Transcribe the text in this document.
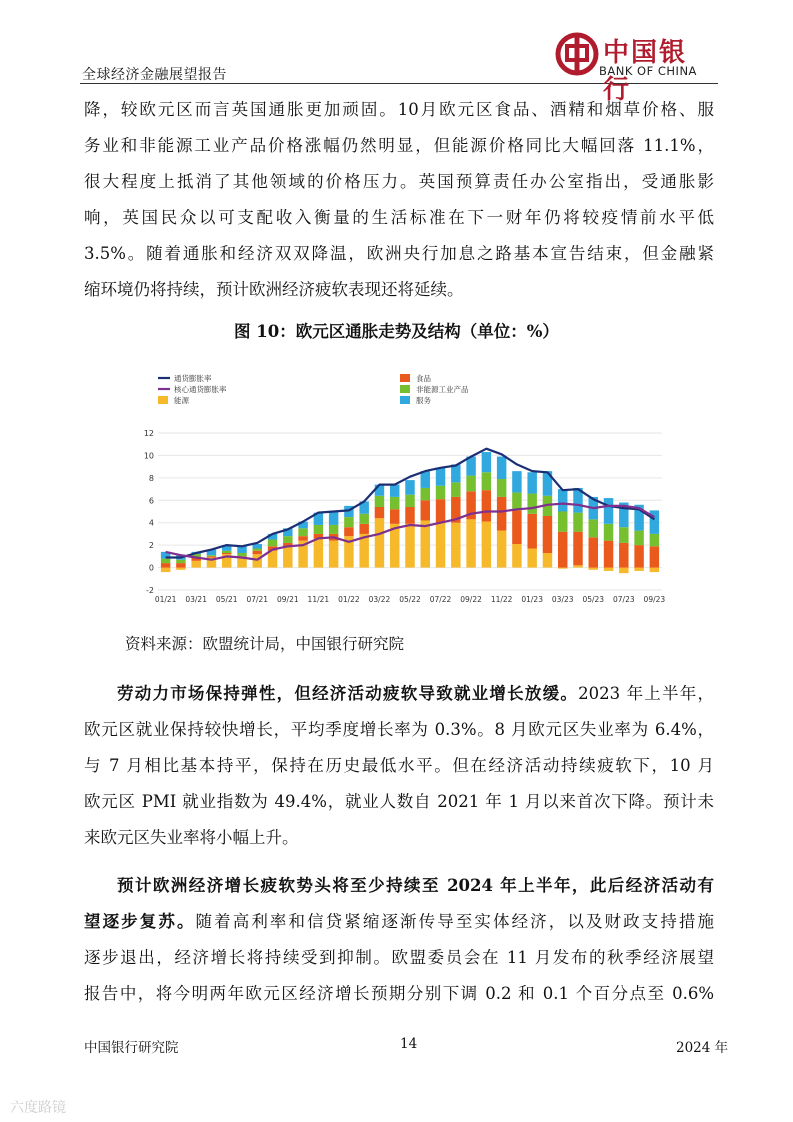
全球经济金融展望报告
中国银行
BANK OF CHINA
降，较欧元区而言英国通胀更加顽固。10月欧元区食品、酒精和烟草价格、服
务业和非能源工业产品价格涨幅仍然明显，但能源价格同比大幅回落 11.1%，
很大程度上抵消了其他领域的价格压力。英国预算责任办公室指出，受通胀影
响，英国民众以可支配收入衡量的生活标准在下一财年仍将较疫情前水平低
3.5%。随着通胀和经济双双降温，欧洲央行加息之路基本宣告结束，但金融紧
缩环境仍将持续，预计欧洲经济疲软表现还将延续。
图 10：欧元区通胀走势及结构（单位：%）
-2
0
2
4
6
8
10
12
01/21 03/21 05/21 07/21 09/21 11/21 01/22 03/22 05/22 07/22 09/22 11/22 01/23 03/23 05/23 07/23 09/23
通货膨胀率
核心通货膨胀率
能源
食品
非能源工业产品
服务
资料来源：欧盟统计局，中国银行研究院
劳动力市场保持弹性，但经济活动疲软导致就业增长放缓。2023 年上半年，
欧元区就业保持较快增长，平均季度增长率为 0.3%。8 月欧元区失业率为 6.4%，
与 7 月相比基本持平，保持在历史最低水平。但在经济活动持续疲软下，10 月
欧元区 PMI 就业指数为 49.4%，就业人数自 2021 年 1 月以来首次下降。预计未
来欧元区失业率将小幅上升。
预计欧洲经济增长疲软势头将至少持续至 2024 年上半年，此后经济活动有
望逐步复苏。随着高利率和信贷紧缩逐渐传导至实体经济，以及财政支持措施
逐步退出，经济增长将持续受到抑制。欧盟委员会在 11 月发布的秋季经济展望
报告中，将今明两年欧元区经济增长预期分别下调 0.2 和 0.1 个百分点至 0.6%
中国银行研究院	14	2024 年
六度路镜
